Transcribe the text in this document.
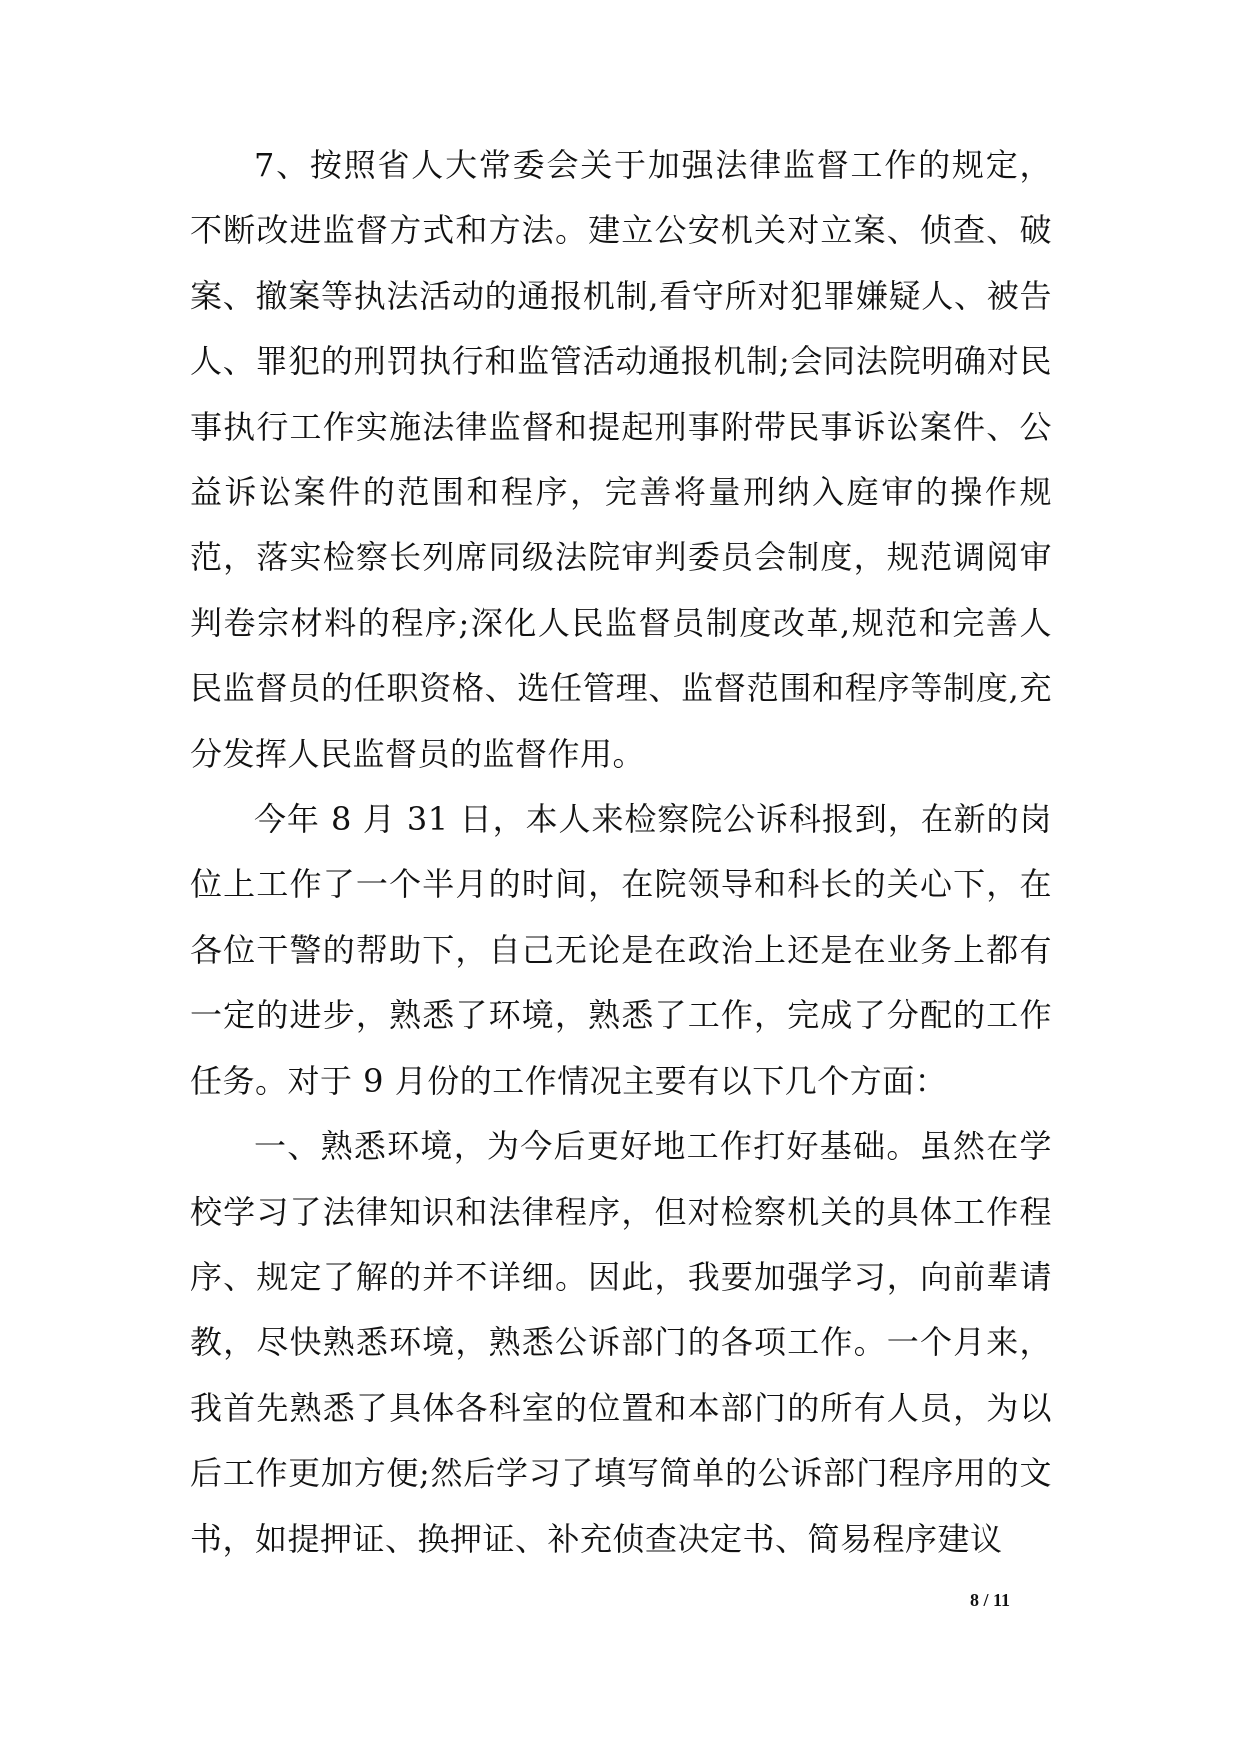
7、按照省人大常委会关于加强法律监督工作的规定，不断改进监督方式和方法。建立公安机关对立案、侦查、破案、撤案等执法活动的通报机制,看守所对犯罪嫌疑人、被告人、罪犯的刑罚执行和监管活动通报机制;会同法院明确对民事执行工作实施法律监督和提起刑事附带民事诉讼案件、公益诉讼案件的范围和程序，完善将量刑纳入庭审的操作规范，落实检察长列席同级法院审判委员会制度，规范调阅审判卷宗材料的程序;深化人民监督员制度改革,规范和完善人民监督员的任职资格、选任管理、监督范围和程序等制度,充分发挥人民监督员的监督作用。

今年 8 月 31 日，本人来检察院公诉科报到，在新的岗位上工作了一个半月的时间，在院领导和科长的关心下，在各位干警的帮助下，自己无论是在政治上还是在业务上都有一定的进步，熟悉了环境，熟悉了工作，完成了分配的工作任务。对于 9 月份的工作情况主要有以下几个方面：

一、熟悉环境，为今后更好地工作打好基础。虽然在学校学习了法律知识和法律程序，但对检察机关的具体工作程序、规定了解的并不详细。因此，我要加强学习，向前辈请教，尽快熟悉环境，熟悉公诉部门的各项工作。一个月来，我首先熟悉了具体各科室的位置和本部门的所有人员，为以后工作更加方便;然后学习了填写简单的公诉部门程序用的文书，如提押证、换押证、补充侦查决定书、简易程序建议

8 / 11
